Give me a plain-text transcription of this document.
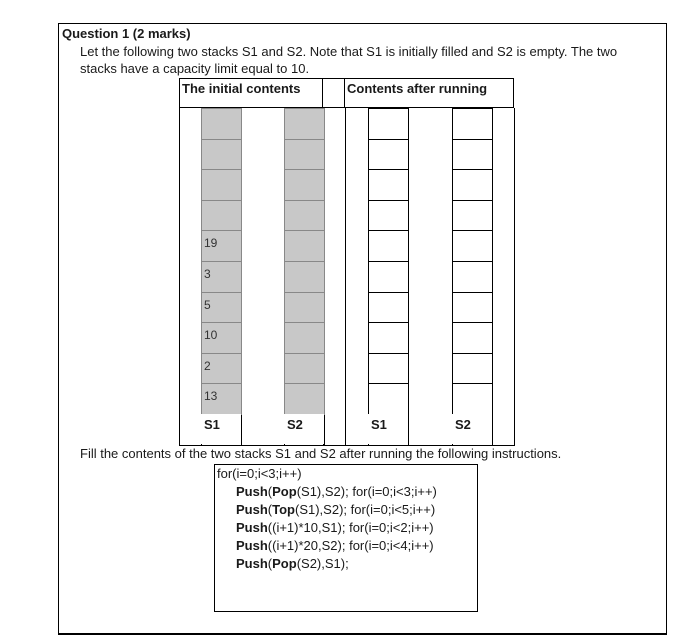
Question 1 (2 marks)

Let the following two stacks S1 and S2. Note that S1 is initially filled and S2 is empty. The two stacks have a capacity limit equal to 10.

The initial contents	Contents after running
19
3
5
10
2
13
S1	S2	S1	S2

Fill the contents of the two stacks S1 and S2 after running the following instructions.

for(i=0;i<3;i++)
Push(Pop(S1),S2); for(i=0;i<3;i++)
Push(Top(S1),S2); for(i=0;i<5;i++)
Push((i+1)*10,S1); for(i=0;i<2;i++)
Push((i+1)*20,S2); for(i=0;i<4;i++)
Push(Pop(S2),S1);
